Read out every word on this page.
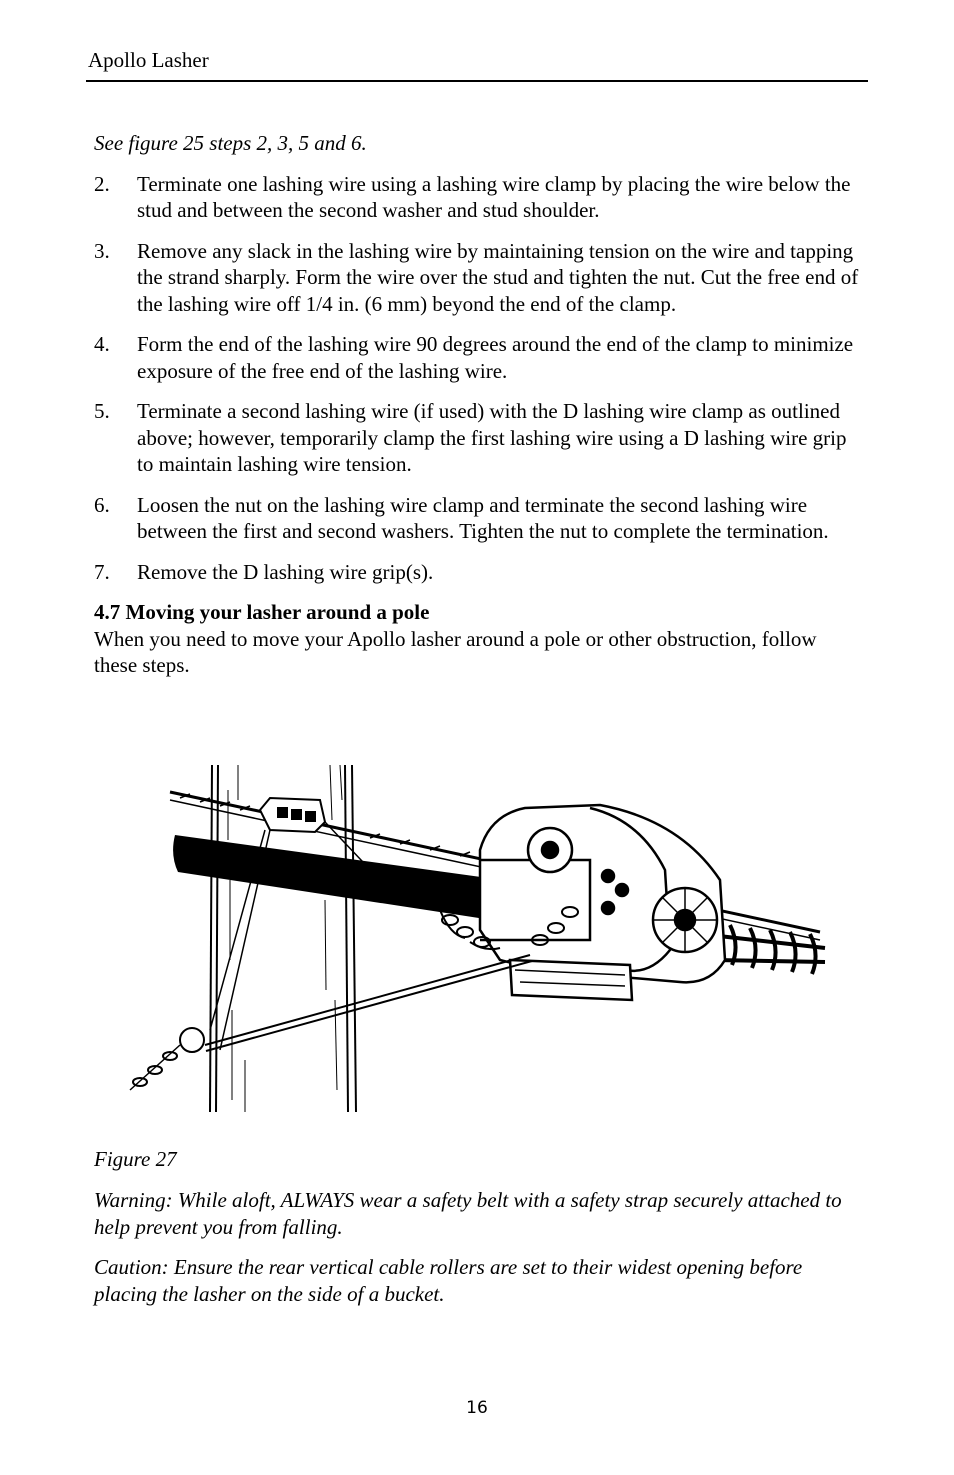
Apollo Lasher

See figure 25 steps 2, 3, 5 and 6.

2. Terminate one lashing wire using a lashing wire clamp by placing the wire below the stud and between the second washer and stud shoulder.
3. Remove any slack in the lashing wire by maintaining tension on the wire and tapping the strand sharply. Form the wire over the stud and tighten the nut. Cut the free end of the lashing wire off 1/4 in. (6 mm) beyond the end of the clamp.
4. Form the end of the lashing wire 90 degrees around the end of the clamp to minimize exposure of the free end of the lashing wire.
5. Terminate a second lashing wire (if used) with the D lashing wire clamp as outlined above; however, temporarily clamp the first lashing wire using a D lashing wire grip to maintain lashing wire tension.
6. Loosen the nut on the lashing wire clamp and terminate the second lashing wire between the first and second washers. Tighten the nut to complete the termination.
7. Remove the D lashing wire grip(s).

4.7 Moving your lasher around a pole

When you need to move your Apollo lasher around a pole or other obstruction, follow these steps.

Figure 27

Warning: While aloft, ALWAYS wear a safety belt with a safety strap securely attached to help prevent you from falling.

Caution: Ensure the rear vertical cable rollers are set to their widest opening before placing the lasher on the side of a bucket.

16
